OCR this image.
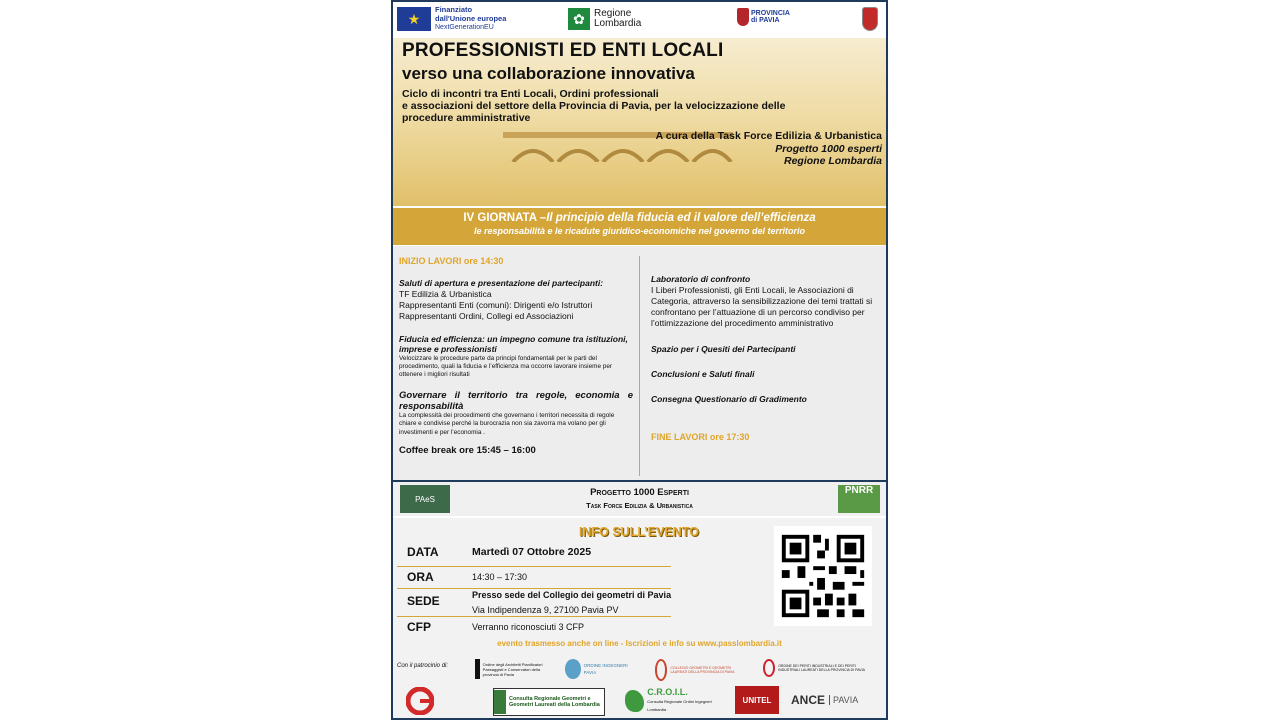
★
Finanziato
dall'Unione europea
NextGenerationEU
✿ Regione
Lombardia
PROVINCIA
di PAVIA
PROFESSIONISTI ED ENTI LOCALI
verso una collaborazione innovativa
Ciclo di incontri tra Enti Locali, Ordini professionali
e associazioni del settore della Provincia di Pavia, per la velocizzazione delle procedure amministrative
A cura della Task Force Edilizia & Urbanistica
Progetto 1000 esperti
Regione Lombardia
IV GIORNATA –Il principio della fiducia ed il valore dell’efficienza
le responsabilità e le ricadute giuridico-economiche nel governo del territorio
INIZIO LAVORI ore 14:30
Saluti di apertura e presentazione dei partecipanti:
TF Edilizia & Urbanistica
Rappresentanti Enti (comuni): Dirigenti e/o Istruttori
Rappresentanti Ordini, Collegi ed Associazioni
Fiducia ed efficienza: un impegno comune tra istituzioni, imprese e professionisti
Velocizzare le procedure parte da principi fondamentali per le parti del procedimento, quali la fiducia e l’efficienza ma occorre lavorare insieme per ottenere i migliori risultati
Governare il territorio tra regole, economia e responsabilità
La complessità dei procedimenti che governano i territori necessita di regole chiare e condivise perché la burocrazia non sia zavorra ma volano per gli investimenti e per l’economia .
Coffee break ore 15:45 – 16:00
Laboratorio di confronto
I Liberi Professionisti, gli Enti Locali, le Associazioni di Categoria, attraverso la sensibilizzazione dei temi trattati si confrontano per l’attuazione di un percorso condiviso per l’ottimizzazione del procedimento amministrativo
Spazio per i Quesiti dei Partecipanti
Conclusioni e Saluti finali
Consegna Questionario di Gradimento
FINE LAVORI ore 17:30
PAeS
Progetto 1000 Esperti
Task Force Edilizia & Urbanistica
PNRR
INFO SULL’EVENTO
DATA	Martedì 07 Ottobre 2025
ORA	14:30 – 17:30
SEDE	Presso sede del Collegio dei geometri di Pavia
Via Indipendenza 9, 27100 Pavia PV
CFP	Verranno riconosciuti 3 CFP
evento trasmesso anche on line - Iscrizioni e info su www.passlombardia.it
Con il patrocinio di:	Ordine degli Architetti Pianificatori Paesaggisti e Conservatori della provincia di Pavia
ORDINE INGEGNERI PAVIA
COLLEGIO GEOMETRI E GEOMETRI LAUREATI DELLA PROVINCIA DI PAVIA
ORDINE DEI PERITI INDUSTRIALI E DEI PERITI INDUSTRIALI LAUREATI DELLA PROVINCIA DI PAVIA
Consulta Regionale Geometri e Geometri Laureati della Lombardia
C.R.O.I.L.
Consulta Regionale Ordini Ingegneri Lombardia
UNITEL	ANCE PAVIA
